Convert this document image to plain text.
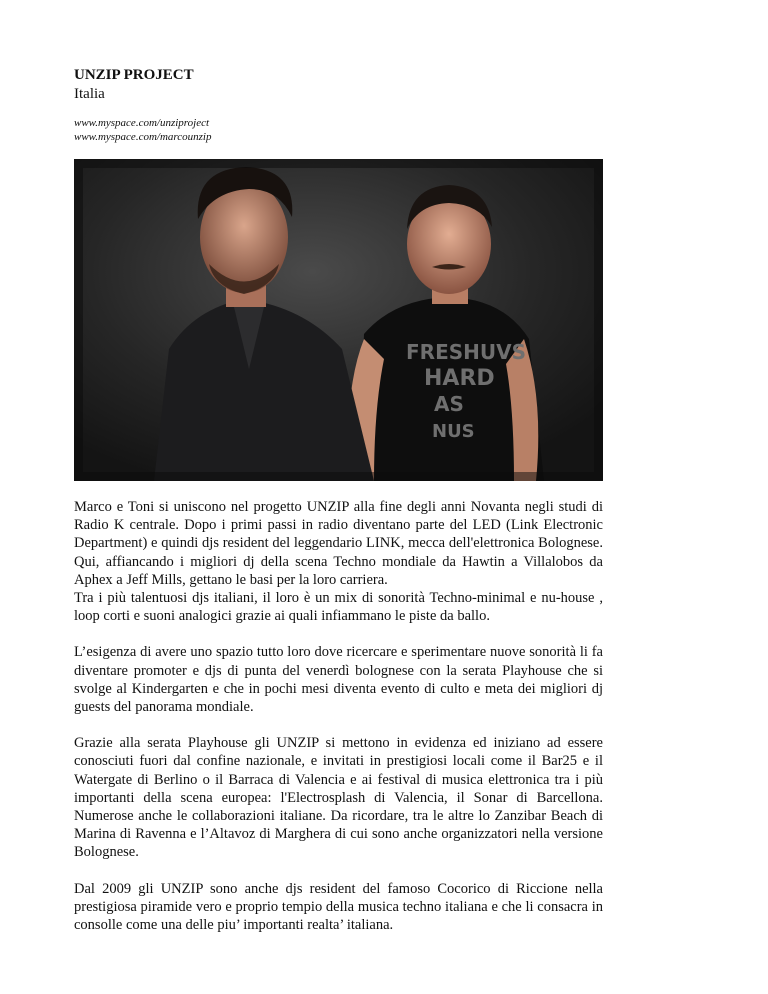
UNZIP PROJECT

Italia

www.myspace.com/unziproject
www.myspace.com/marcounzip
FRESHUVS
HARD
AS
NUS

Marco e Toni si uniscono nel progetto UNZIP alla fine degli anni Novanta negli studi di Radio K centrale. Dopo i primi passi in radio diventano parte del LED (Link Electronic Department) e quindi djs resident del leggendario LINK, mecca dell'elettronica Bolognese. Qui, affiancando i migliori dj della scena Techno mondiale da Hawtin a Villalobos da Aphex a Jeff Mills, gettano le basi per la loro carriera.

Tra i più talentuosi djs italiani, il loro è un mix di sonorità Techno-minimal e nu-house , loop corti e suoni analogici grazie ai quali infiammano le piste da ballo.

L’esigenza di avere uno spazio tutto loro dove ricercare e sperimentare nuove sonorità li fa diventare promoter e djs di punta del venerdì bolognese con la serata Playhouse che si svolge al Kindergarten e che in pochi mesi diventa evento di culto e meta dei migliori dj guests del panorama mondiale.

Grazie alla serata Playhouse gli UNZIP si mettono in evidenza ed iniziano ad essere conosciuti fuori dal confine nazionale, e invitati in prestigiosi locali come il Bar25 e il Watergate di Berlino o il Barraca di Valencia e ai festival di musica elettronica tra i più importanti della scena europea: l'Electrosplash di Valencia, il Sonar di Barcellona. Numerose anche le collaborazioni italiane. Da ricordare, tra le altre lo Zanzibar Beach di Marina di Ravenna e l’Altavoz di Marghera di cui sono anche organizzatori nella versione Bolognese.

Dal 2009 gli UNZIP sono anche djs resident del famoso Cocorico di Riccione nella prestigiosa piramide vero e proprio tempio della musica techno italiana e che li consacra in consolle come una delle piu’ importanti realta’ italiana.
